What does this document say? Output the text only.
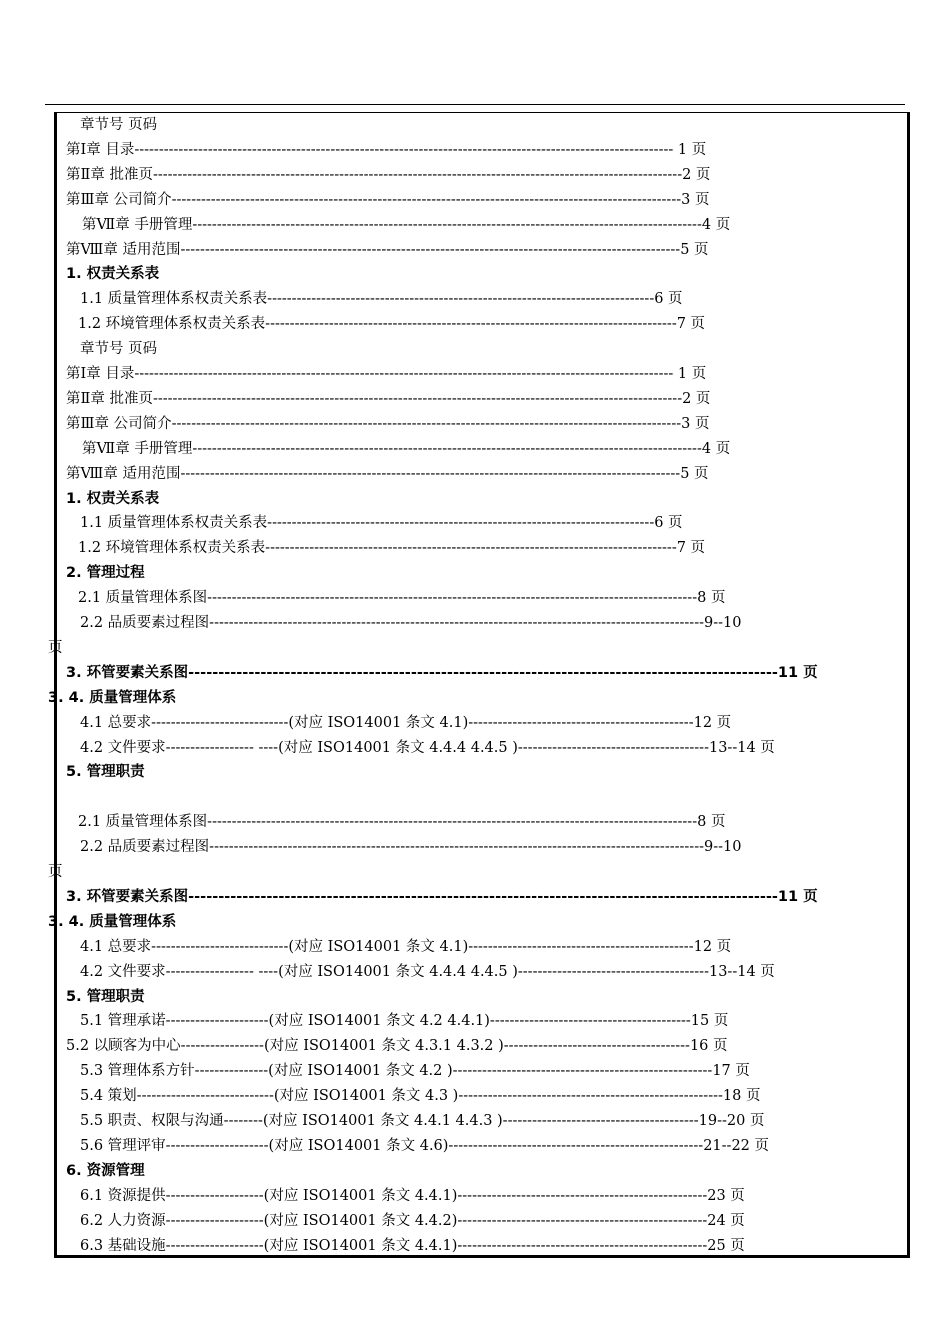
章节号 页码
第Ⅰ章 目录-------------------------------------------------------------------------------------------------------------- 1 页
第Ⅱ章 批准页------------------------------------------------------------------------------------------------------------2 页
第Ⅲ章 公司简介--------------------------------------------------------------------------------------------------------3 页
第Ⅶ章 手册管理--------------------------------------------------------------------------------------------------------4 页
第Ⅷ章 适用范围------------------------------------------------------------------------------------------------------5 页
1. 权责关系表
1.1 质量管理体系权责关系表-------------------------------------------------------------------------------6 页
1.2 环境管理体系权责关系表------------------------------------------------------------------------------------7 页
章节号 页码
第Ⅰ章 目录-------------------------------------------------------------------------------------------------------------- 1 页
第Ⅱ章 批准页------------------------------------------------------------------------------------------------------------2 页
第Ⅲ章 公司简介--------------------------------------------------------------------------------------------------------3 页
第Ⅶ章 手册管理--------------------------------------------------------------------------------------------------------4 页
第Ⅷ章 适用范围------------------------------------------------------------------------------------------------------5 页
1. 权责关系表
1.1 质量管理体系权责关系表-------------------------------------------------------------------------------6 页
1.2 环境管理体系权责关系表------------------------------------------------------------------------------------7 页
2. 管理过程
2.1 质量管理体系图----------------------------------------------------------------------------------------------------8 页
2.2 品质要素过程图-----------------------------------------------------------------------------------------------------9--10
页
3. 环管要素关系图--------------------------------------------------------------------------------------------------11 页
3. 4. 质量管理体系
4.1 总要求----------------------------(对应 ISO14001 条文 4.1)----------------------------------------------12 页
4.2 文件要求------------------ ----(对应 ISO14001 条文 4.4.4 4.4.5 )---------------------------------------13--14 页
5. 管理职责
2.1 质量管理体系图----------------------------------------------------------------------------------------------------8 页
2.2 品质要素过程图-----------------------------------------------------------------------------------------------------9--10
页
3. 环管要素关系图--------------------------------------------------------------------------------------------------11 页
3. 4. 质量管理体系
4.1 总要求----------------------------(对应 ISO14001 条文 4.1)----------------------------------------------12 页
4.2 文件要求------------------ ----(对应 ISO14001 条文 4.4.4 4.4.5 )---------------------------------------13--14 页
5. 管理职责
5.1 管理承诺---------------------(对应 ISO14001 条文 4.2 4.4.1)-----------------------------------------15 页
5.2 以顾客为中心-----------------(对应 ISO14001 条文 4.3.1 4.3.2 )--------------------------------------16 页
5.3 管理体系方针---------------(对应 ISO14001 条文 4.2 )-----------------------------------------------------17 页
5.4 策划----------------------------(对应 ISO14001 条文 4.3 )------------------------------------------------------18 页
5.5 职责、权限与沟通--------(对应 ISO14001 条文 4.4.1 4.4.3 )----------------------------------------19--20 页
5.6 管理评审---------------------(对应 ISO14001 条文 4.6)----------------------------------------------------21--22 页
6. 资源管理
6.1 资源提供--------------------(对应 ISO14001 条文 4.4.1)---------------------------------------------------23 页
6.2 人力资源--------------------(对应 ISO14001 条文 4.4.2)---------------------------------------------------24 页
6.3 基础设施--------------------(对应 ISO14001 条文 4.4.1)---------------------------------------------------25 页
